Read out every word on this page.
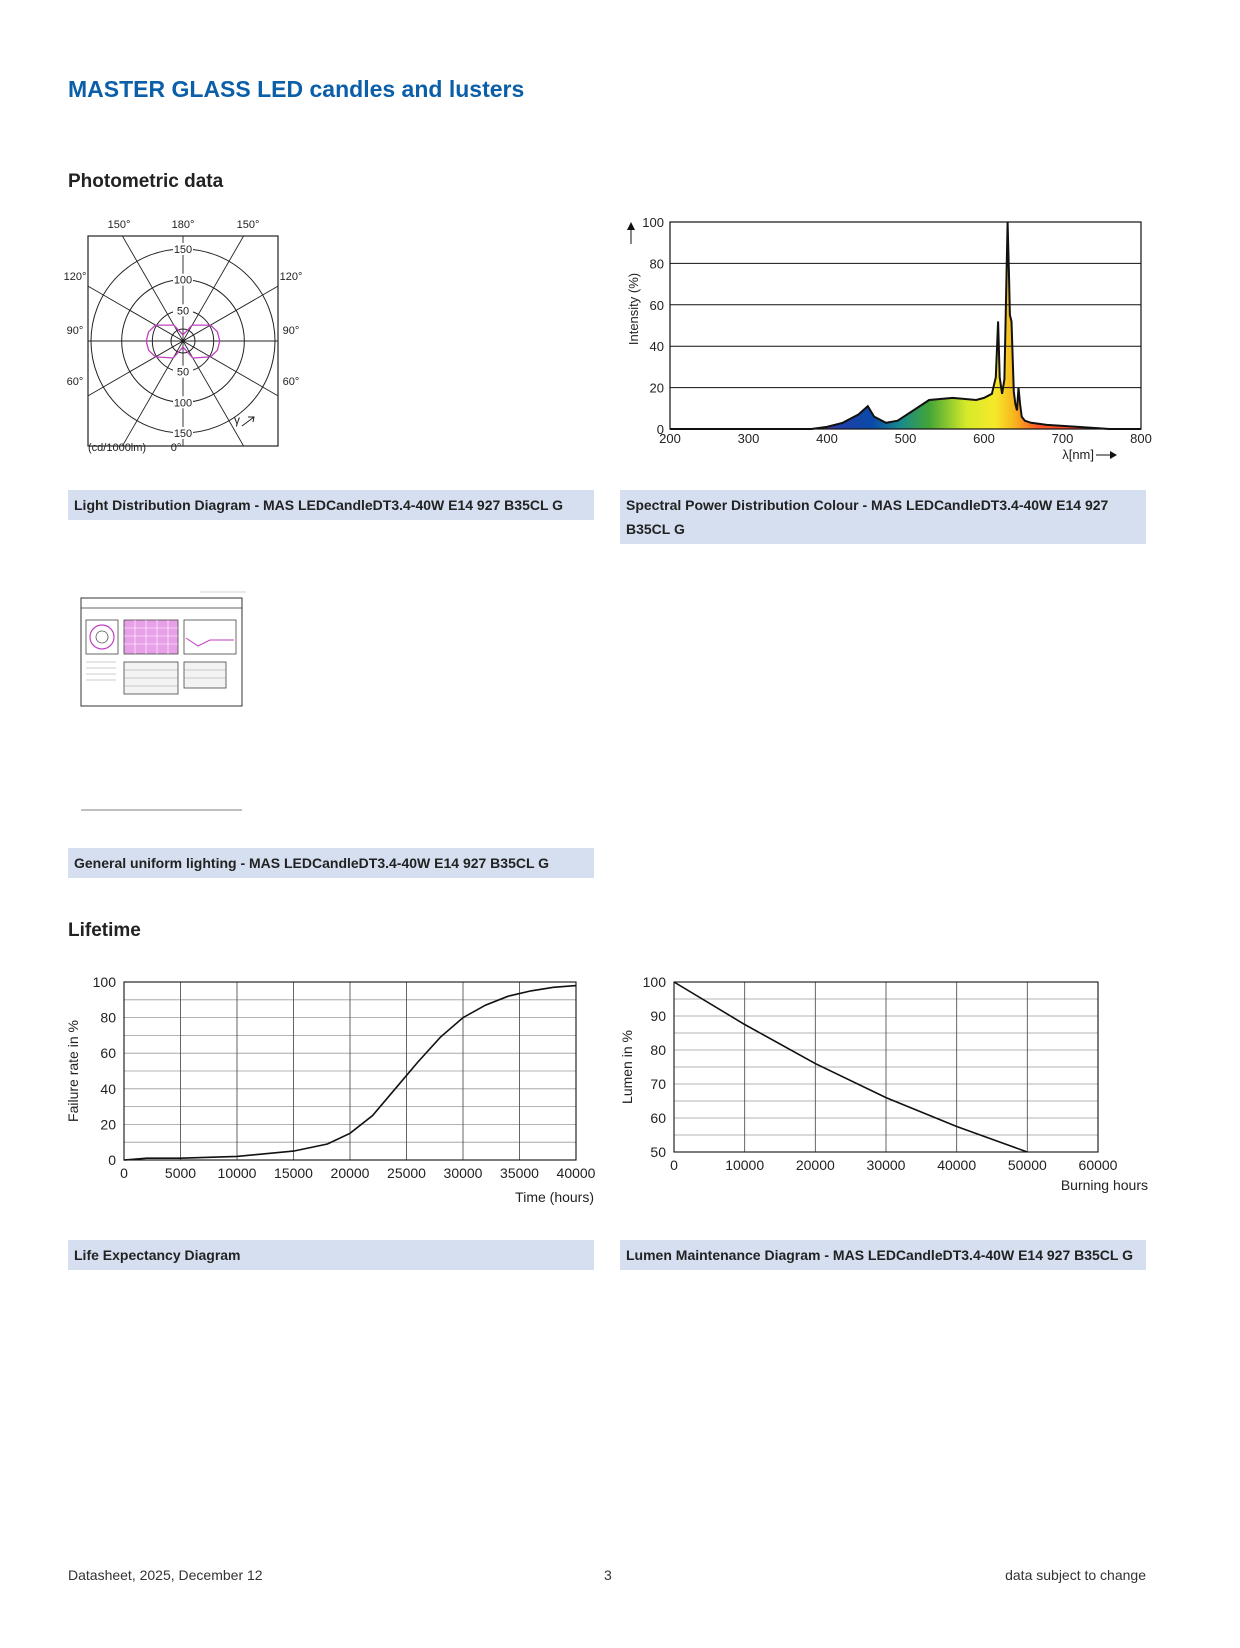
MASTER GLASS LED candles and lusters
Photometric data
150
100
50
50
100
150
150°	180°	150°
120°	120°
90°	90°
60°	60°
0°
(cd/1000lm)
γ
Light Distribution Diagram - MAS LEDCandleDT3.4-40W E14 927 B35CL G
200	300	400	500	600	700	800
0
20
40
60
80
100
λ[nm]
Intensity (%)
Spectral Power Distribution Colour - MAS LEDCandleDT3.4-40W E14 927 B35CL G
General uniform lighting - MAS LEDCandleDT3.4-40W E14 927 B35CL G
Lifetime
0	5000 10000 15000 20000 25000 30000 35000 40000
0
20
40
60
80
100
Time (hours)
Failure rate in %
Life Expectancy Diagram
0	10000 20000 30000 40000 50000 60000
50
60
70
80
90
100
Burning hours
Lumen in %
Lumen Maintenance Diagram - MAS LEDCandleDT3.4-40W E14 927 B35CL G
Datasheet, 2025, December 12	3	data subject to change
